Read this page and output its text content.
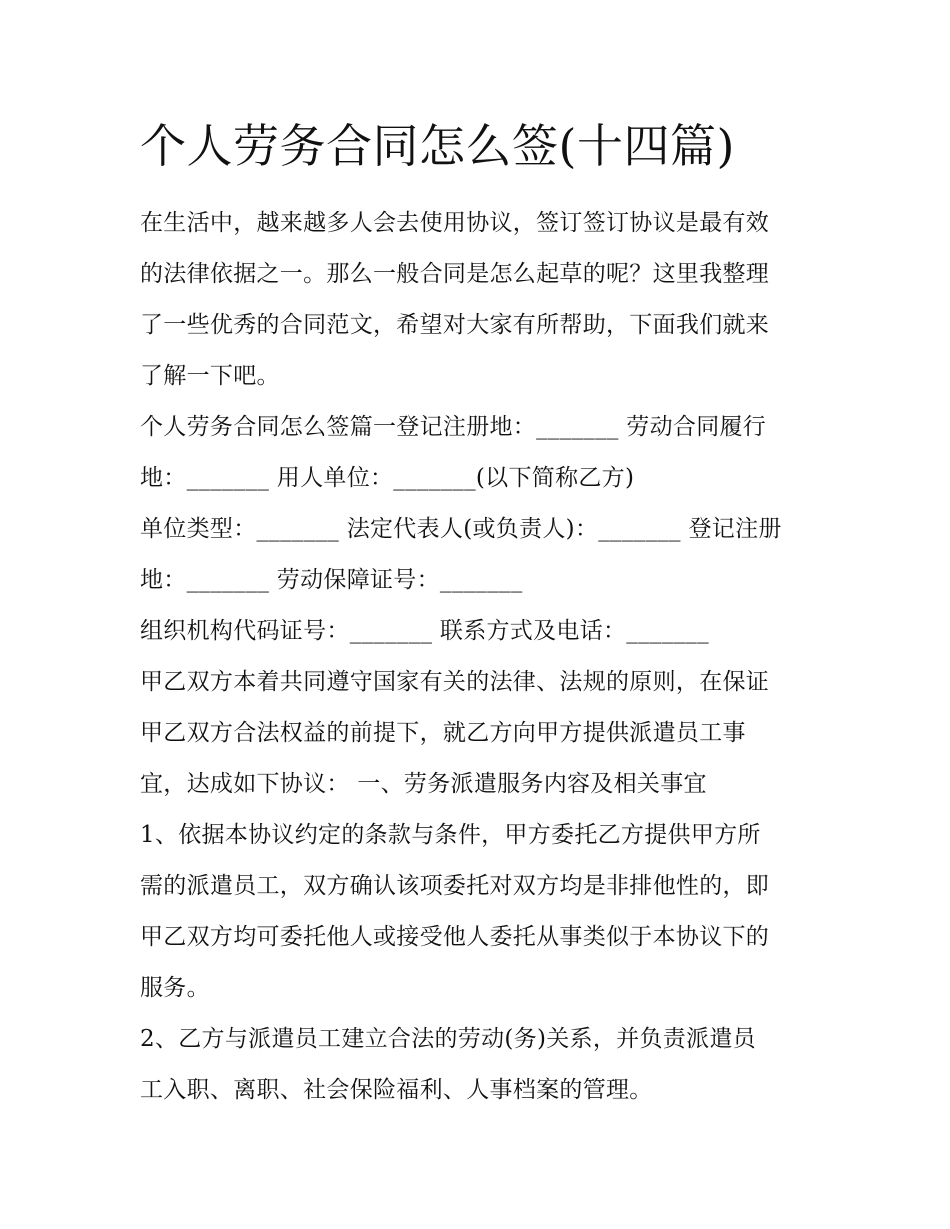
个人劳务合同怎么签(十四篇)

在生活中，越来越多人会去使用协议，签订签订协议是最有效

的法律依据之一。那么一般合同是怎么起草的呢？这里我整理

了一些优秀的合同范文，希望对大家有所帮助，下面我们就来

了解一下吧。

个人劳务合同怎么签篇一登记注册地：_______ 劳动合同履行

地：_______ 用人单位：_______(以下简称乙方)

单位类型：_______ 法定代表人(或负责人)：_______ 登记注册

地：_______ 劳动保障证号：_______

组织机构代码证号：_______ 联系方式及电话：_______

甲乙双方本着共同遵守国家有关的法律、法规的原则，在保证

甲乙双方合法权益的前提下，就乙方向甲方提供派遣员工事

宜，达成如下协议： 一、劳务派遣服务内容及相关事宜

1、依据本协议约定的条款与条件，甲方委托乙方提供甲方所

需的派遣员工，双方确认该项委托对双方均是非排他性的，即

甲乙双方均可委托他人或接受他人委托从事类似于本协议下的

服务。

2、乙方与派遣员工建立合法的劳动(务)关系，并负责派遣员

工入职、离职、社会保险福利、人事档案的管理。
